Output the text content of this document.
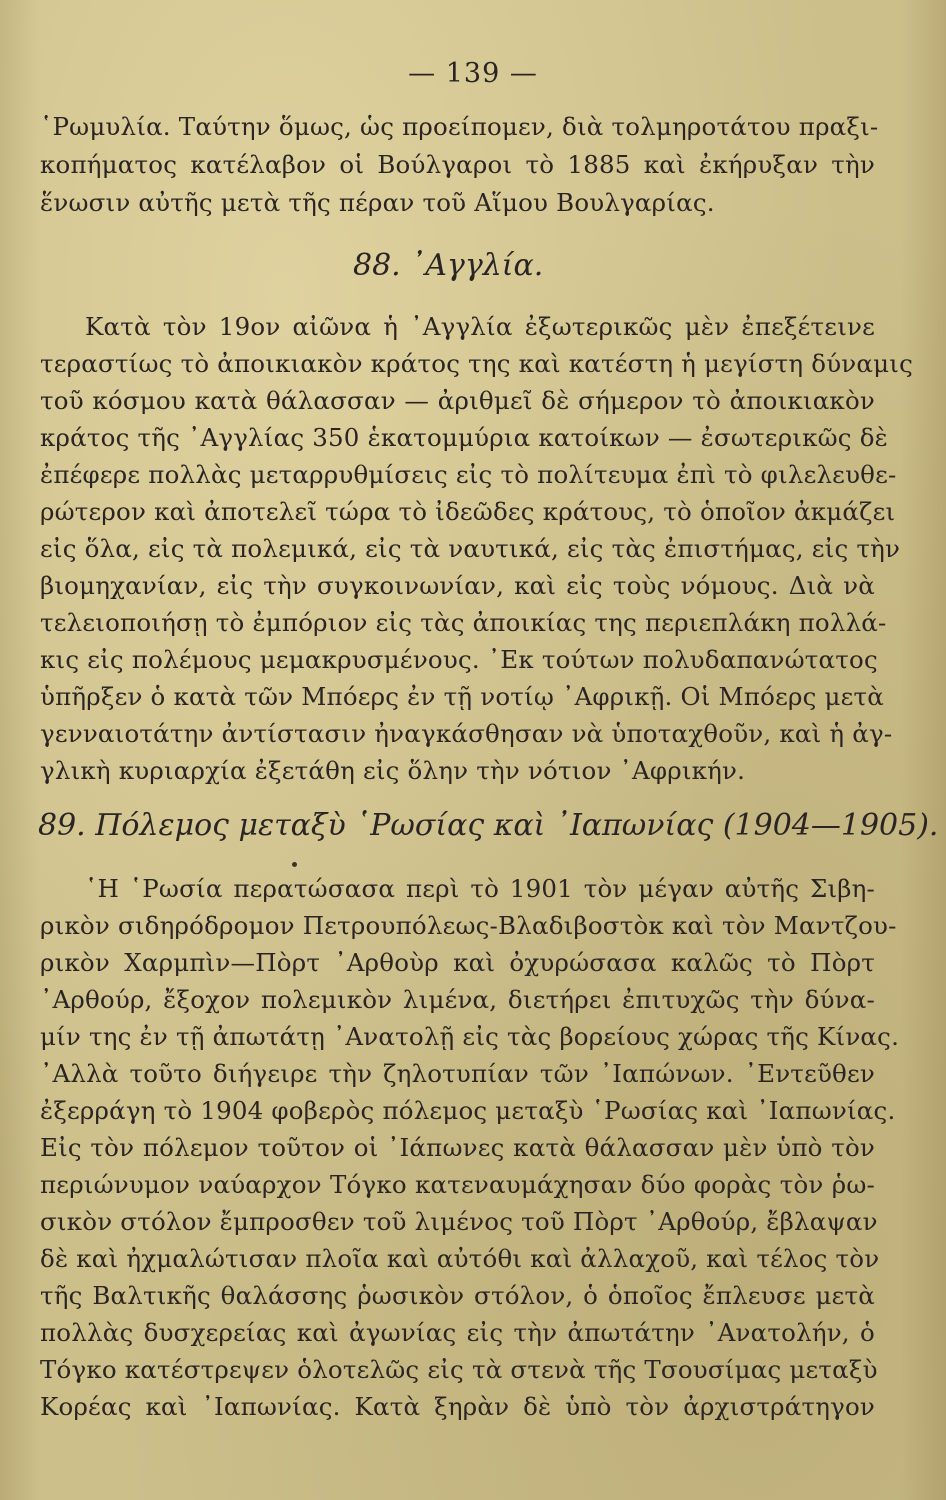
— 139 —
῾Ρωμυλία. Ταύτην ὅμως, ὡς προείπομεν, διὰ τολμηροτάτου πραξι-
κοπήματος κατέλαβον οἱ Βούλγαροι τὸ 1885 καὶ ἐκήρυξαν τὴν
ἕνωσιν αὐτῆς μετὰ τῆς πέραν τοῦ Αἵμου Βουλγαρίας.
88. ᾿Αγγλία.
Κατὰ τὸν 19ον αἰῶνα ἡ ᾿Αγγλία ἐξωτερικῶς μὲν ἐπεξέτεινε
τεραστίως τὸ ἀποικιακὸν κράτος της καὶ κατέστη ἡ μεγίστη δύναμις
τοῦ κόσμου κατὰ θάλασσαν — ἀριθμεῖ δὲ σήμερον τὸ ἀποικιακὸν
κράτος τῆς ᾿Αγγλίας 350 ἑκατομμύρια κατοίκων — ἐσωτερικῶς δὲ
ἐπέφερε πολλὰς μεταρρυθμίσεις εἰς τὸ πολίτευμα ἐπὶ τὸ φιλελευθε-
ρώτερον καὶ ἀποτελεῖ τώρα τὸ ἰδεῶδες κράτους, τὸ ὁποῖον ἀκμάζει
εἰς ὅλα, εἰς τὰ πολεμικά, εἰς τὰ ναυτικά, εἰς τὰς ἐπιστήμας, εἰς τὴν
βιομηχανίαν, εἰς τὴν συγκοινωνίαν, καὶ εἰς τοὺς νόμους. Διὰ νὰ
τελειοποιήσῃ τὸ ἐμπόριον εἰς τὰς ἀποικίας της περιεπλάκη πολλά-
κις εἰς πολέμους μεμακρυσμένους. ᾿Εκ τούτων πολυδαπανώτατος
ὑπῆρξεν ὁ κατὰ τῶν Μπόερς ἐν τῇ νοτίῳ ᾿Αφρικῇ. Οἱ Μπόερς μετὰ
γενναιοτάτην ἀντίστασιν ἠναγκάσθησαν νὰ ὑποταχθοῦν, καὶ ἡ ἀγ-
γλικὴ κυριαρχία ἐξετάθη εἰς ὅλην τὴν νότιον ᾿Αφρικήν.
89. Πόλεμος μεταξὺ ῾Ρωσίας καὶ ᾿Ιαπωνίας (1904—1905).
῾Η ῾Ρωσία περατώσασα περὶ τὸ 1901 τὸν μέγαν αὐτῆς Σιβη-
ρικὸν σιδηρόδρομον Πετρουπόλεως-Βλαδιβοστὸκ καὶ τὸν Μαντζου-
ρικὸν Χαρμπὶν—Πὸρτ ᾿Αρθοὺρ καὶ ὀχυρώσασα καλῶς τὸ Πὸρτ
᾿Αρθούρ, ἔξοχον πολεμικὸν λιμένα, διετήρει ἐπιτυχῶς τὴν δύνα-
μίν της ἐν τῇ ἀπωτάτῃ ᾿Ανατολῇ εἰς τὰς βορείους χώρας τῆς Κίνας.
᾿Αλλὰ τοῦτο διήγειρε τὴν ζηλοτυπίαν τῶν ᾿Ιαπώνων. ᾿Εντεῦθεν
ἐξερράγη τὸ 1904 φοβερὸς πόλεμος μεταξὺ ῾Ρωσίας καὶ ᾿Ιαπωνίας.
Εἰς τὸν πόλεμον τοῦτον οἱ ᾿Ιάπωνες κατὰ θάλασσαν μὲν ὑπὸ τὸν
περιώνυμον ναύαρχον Τόγκο κατεναυμάχησαν δύο φορὰς τὸν ῥω-
σικὸν στόλον ἔμπροσθεν τοῦ λιμένος τοῦ Πὸρτ ᾿Αρθούρ, ἔβλαψαν
δὲ καὶ ἠχμαλώτισαν πλοῖα καὶ αὐτόθι καὶ ἀλλαχοῦ, καὶ τέλος τὸν
τῆς Βαλτικῆς θαλάσσης ῥωσικὸν στόλον, ὁ ὁποῖος ἔπλευσε μετὰ
πολλὰς δυσχερείας καὶ ἀγωνίας εἰς τὴν ἀπωτάτην ᾿Ανατολήν, ὁ
Τόγκο κατέστρεψεν ὁλοτελῶς εἰς τὰ στενὰ τῆς Τσουσίμας μεταξὺ
Κορέας καὶ ᾿Ιαπωνίας. Κατὰ ξηρὰν δὲ ὑπὸ τὸν ἀρχιστράτηγον
